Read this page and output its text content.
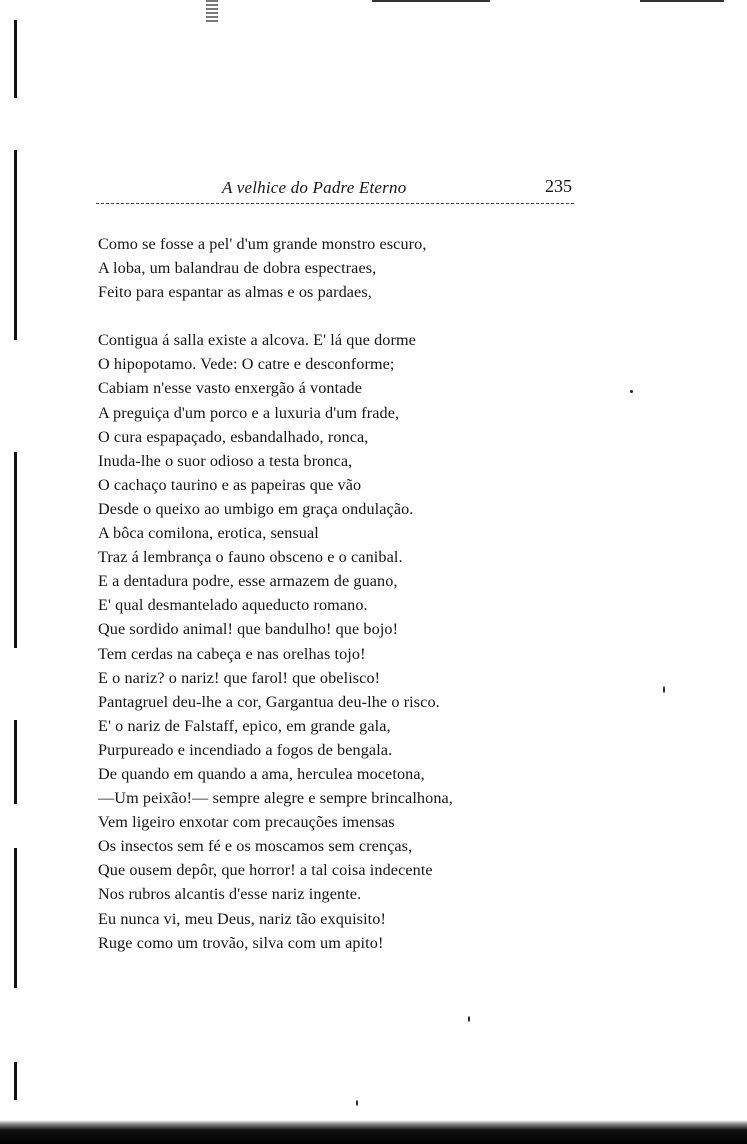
A velhice do Padre Eterno	235
Como se fosse a pel' d'um grande monstro escuro,
A loba, um balandrau de dobra espectraes,
Feito para espantar as almas e os pardaes,
Contigua á salla existe a alcova. E' lá que dorme
O hipopotamo. Vede: O catre e desconforme;
Cabiam n'esse vasto enxergão á vontade
A preguiça d'um porco e a luxuria d'um frade,
O cura espapaçado, esbandalhado, ronca,
Inuda-lhe o suor odioso a testa bronca,
O cachaço taurino e as papeiras que vão
Desde o queixo ao umbigo em graça ondulação.
A bôca comilona, erotica, sensual
Traz á lembrança o fauno obsceno e o canibal.
E a dentadura podre, esse armazem de guano,
E' qual desmantelado aqueducto romano.
Que sordido animal! que bandulho! que bojo!
Tem cerdas na cabeça e nas orelhas tojo!
E o nariz? o nariz! que farol! que obelisco!
Pantagruel deu-lhe a cor, Gargantua deu-lhe o risco.
E' o nariz de Falstaff, epico, em grande gala,
Purpureado e incendiado a fogos de bengala.
De quando em quando a ama, herculea mocetona,
—Um peixão!— sempre alegre e sempre brincalhona,
Vem ligeiro enxotar com precauções imensas
Os insectos sem fé e os moscamos sem crenças,
Que ousem depôr, que horror! a tal coisa indecente
Nos rubros alcantis d'esse nariz ingente.
Eu nunca vi, meu Deus, nariz tão exquisito!
Ruge como um trovão, silva com um apito!
